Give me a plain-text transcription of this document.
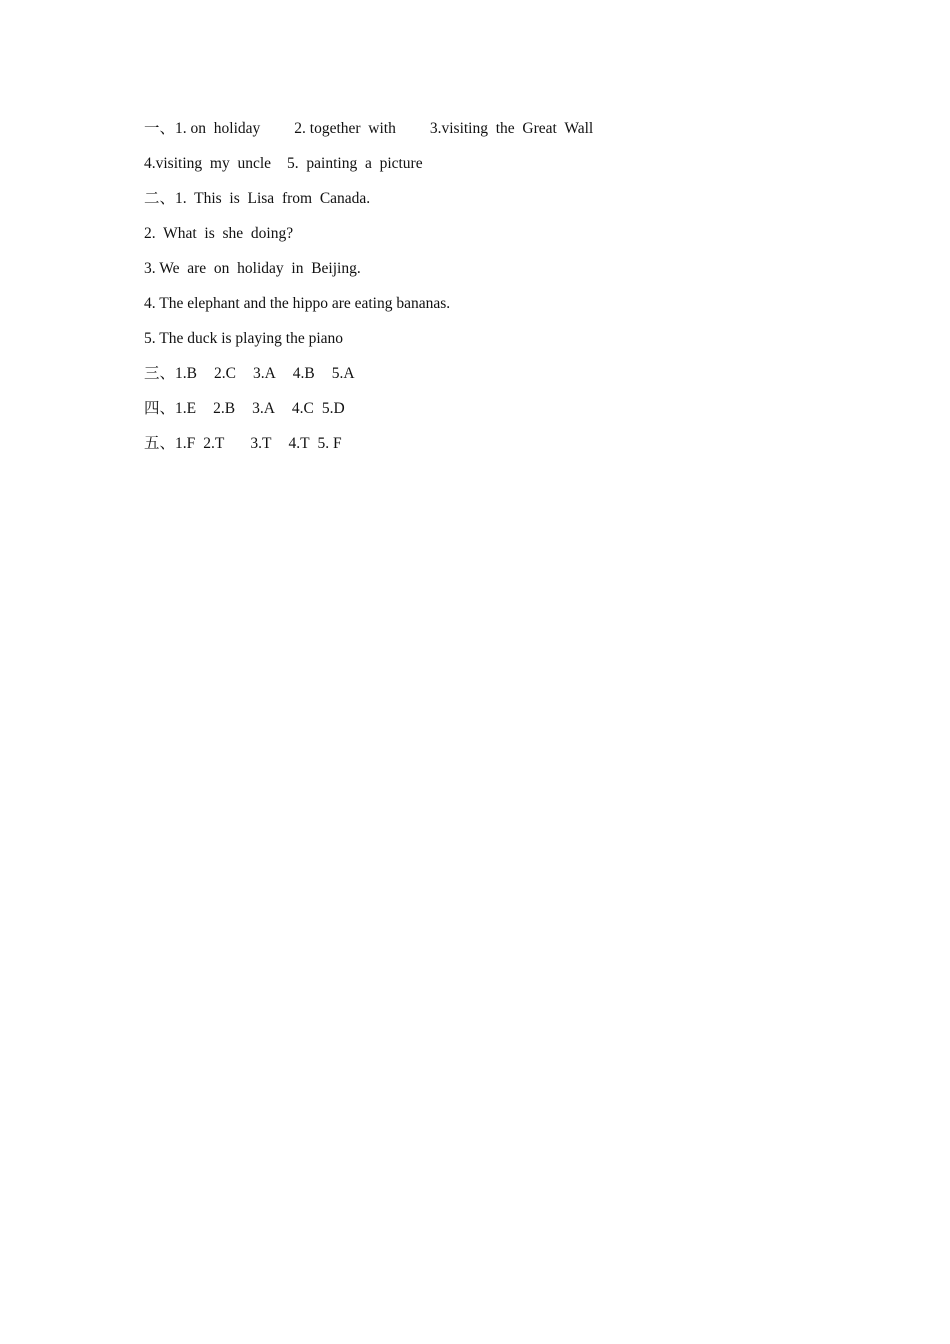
一、1. on  holiday 2. together  with 3.visiting  the  Great  Wall
4.visiting  my  uncle 5.  painting  a  picture
二、1.  This  is  Lisa  from  Canada.
2.  What  is  she  doing?
3. We  are  on  holiday  in  Beijing.
4. The elephant and the hippo are eating bananas.
5. The duck is playing the piano
三、1.B 2.C 3.A 4.B 5.A
四、1.E 2.B 3.A 4.C 5.D
五、1.F 2.T 3.T 4.T 5. F
